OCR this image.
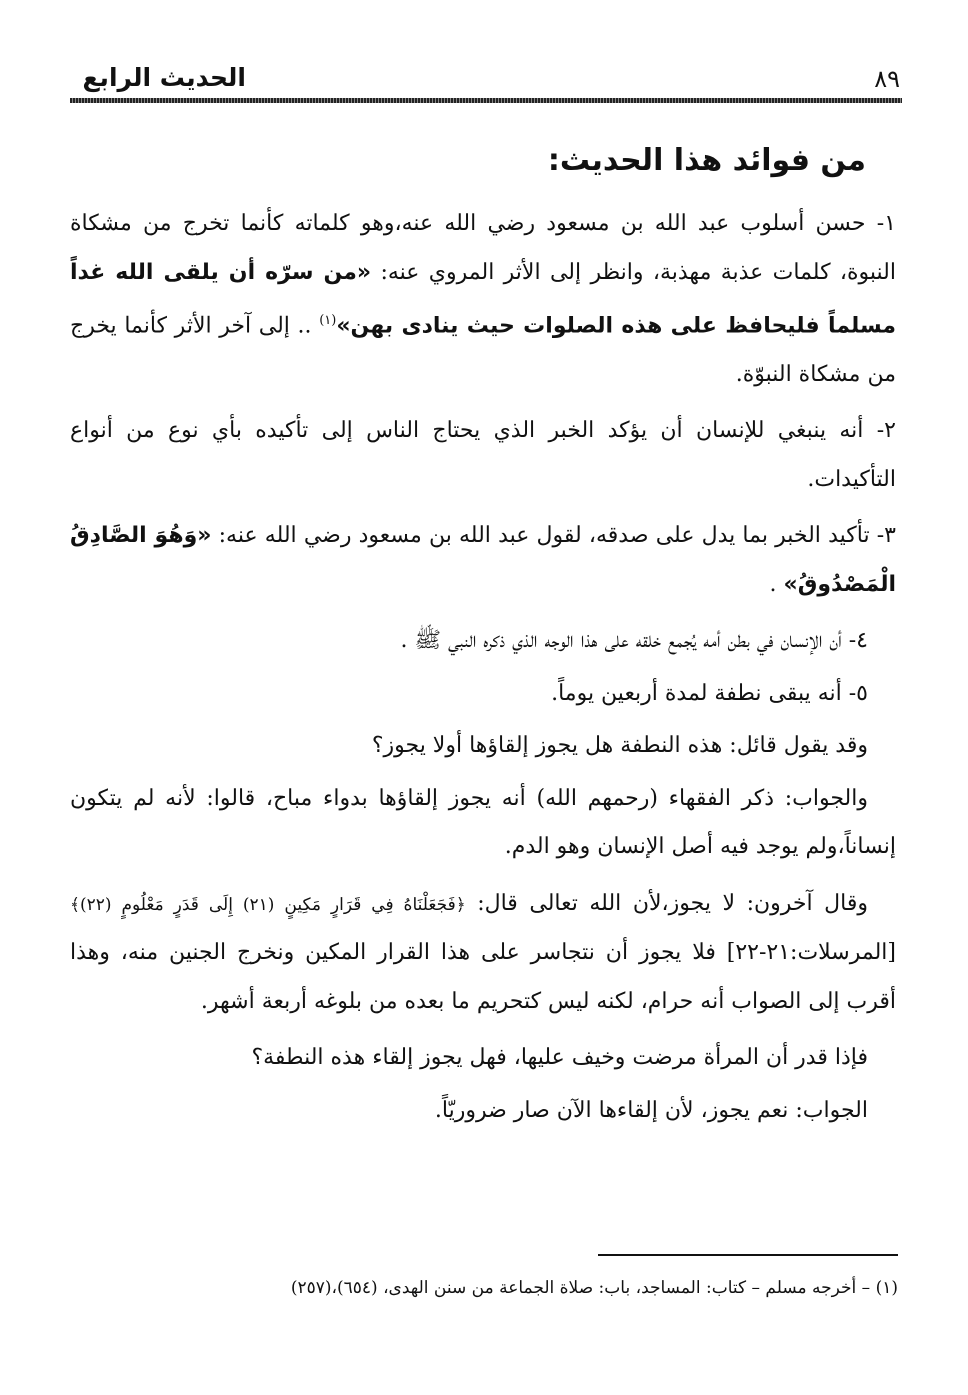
الحديث الرابع	٨٩
من فوائد هذا الحديث:

١- حسن أسلوب عبد الله بن مسعود رضي الله عنه،وهو كلماته كأنما تخرج من مشكاة النبوة، كلمات عذبة مهذبة، وانظر إلى الأثر المروي عنه: «من سرّه أن يلقى الله غداً مسلماً فليحافظ على هذه الصلوات حيث ينادى بهن»$^{(١)}$ .. إلى آخر الأثر كأنما يخرج من مشكاة النبوّة.

٢- أنه ينبغي للإنسان أن يؤكد الخبر الذي يحتاج الناس إلى تأكيده بأي نوع من أنواع التأكيدات.

٣- تأكيد الخبر بما يدل على صدقه، لقول عبد الله بن مسعود رضي الله عنه: «وَهُوَ الصَّادِقُ الْمَصْدُوقُ» .

٤- أن الإنسان في بطن أمه يُجمع خلقه على هذا الوجه الذي ذكره النبي ﷺ .

٥- أنه يبقى نطفة لمدة أربعين يوماً.

وقد يقول قائل: هذه النطفة هل يجوز إلقاؤها أولا يجوز؟

والجواب: ذكر الفقهاء (رحمهم الله) أنه يجوز إلقاؤها بدواء مباح، قالوا: لأنه لم يتكون إنساناً،ولم يوجد فيه أصل الإنسان وهو الدم.

وقال آخرون: لا يجوز،لأن الله تعالى قال: ﴿فَجَعَلْنَاهُ فِي قَرَارٍ مَكِينٍ (٢١) إِلَى قَدَرٍ مَعْلُومٍ (٢٢)﴾ [المرسلات:٢١-٢٢] فلا يجوز أن نتجاسر على هذا القرار المكين ونخرج الجنين منه، وهذا أقرب إلى الصواب أنه حرام، لكنه ليس كتحريم ما بعده من بلوغه أربعة أشهر.

فإذا قدر أن المرأة مرضت وخيف عليها، فهل يجوز إلقاء هذه النطفة؟

الجواب: نعم يجوز، لأن إلقاءها الآن صار ضروريّاً.

(١) – أخرجه مسلم – كتاب: المساجد، باب: صلاة الجماعة من سنن الهدى، (٦٥٤)،(٢٥٧)
